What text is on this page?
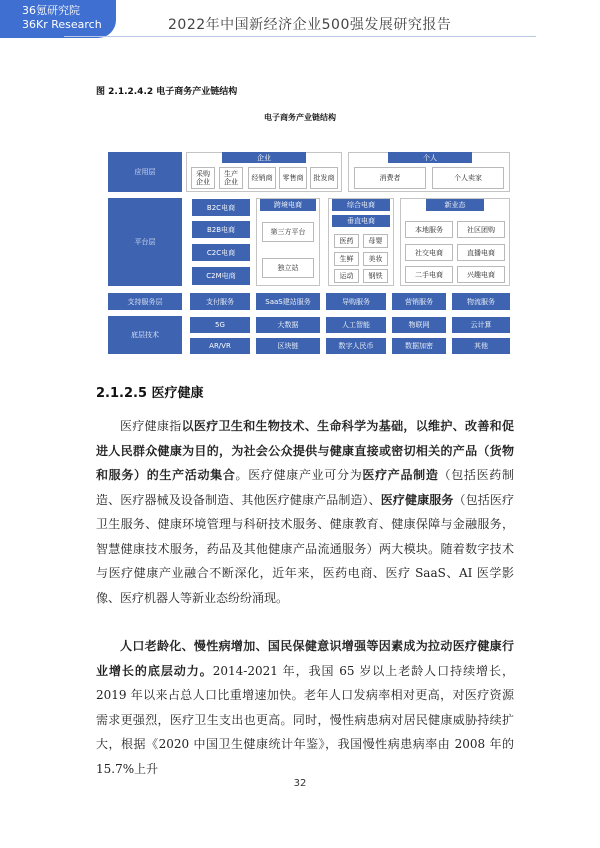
36氪研究院
36Kr Research	2022年中国新经济企业500强发展研究报告
图 2.1.2.4.2 电子商务产业链结构
电子商务产业链结构
应用层
平台层
支持服务层
底层技术
企业
采购
企业
生产
企业	经销商	零售商	批发商
个人
消费者	个人卖家
B2C电商
B2B电商
C2C电商
C2M电商
跨境电商
第三方平台
独立站
综合电商
垂直电商
医药	母婴
生鲜	美妆
运动	钢铁
新业态
本地服务	社区团购
社交电商	直播电商
二手电商	兴趣电商
支付服务	SaaS建站服务	导购服务	营销服务	物流服务
5G	大数据	人工智能	物联网	云计算
AR/VR	区块链	数字人民币	数据加密	其他
2.1.2.5 医疗健康

医疗健康指以医疗卫生和生物技术、生命科学为基础，以维护、改善和促进人民群众健康为目的，为社会公众提供与健康直接或密切相关的产品（货物和服务）的生产活动集合。医疗健康产业可分为医疗产品制造（包括医药制造、医疗器械及设备制造、其他医疗健康产品制造）、医疗健康服务（包括医疗卫生服务、健康环境管理与科研技术服务、健康教育、健康保障与金融服务，智慧健康技术服务，药品及其他健康产品流通服务）两大模块。随着数字技术与医疗健康产业融合不断深化，近年来，医药电商、医疗 SaaS、AI 医学影像、医疗机器人等新业态纷纷涌现。

人口老龄化、慢性病增加、国民保健意识增强等因素成为拉动医疗健康行业增长的底层动力。2014-2021 年，我国 65 岁以上老龄人口持续增长，2019 年以来占总人口比重增速加快。老年人口发病率相对更高，对医疗资源需求更强烈，医疗卫生支出也更高。同时，慢性病患病对居民健康威胁持续扩大，根据《2020 中国卫生健康统计年鉴》，我国慢性病患病率由 2008 年的 15.7%上升

32
